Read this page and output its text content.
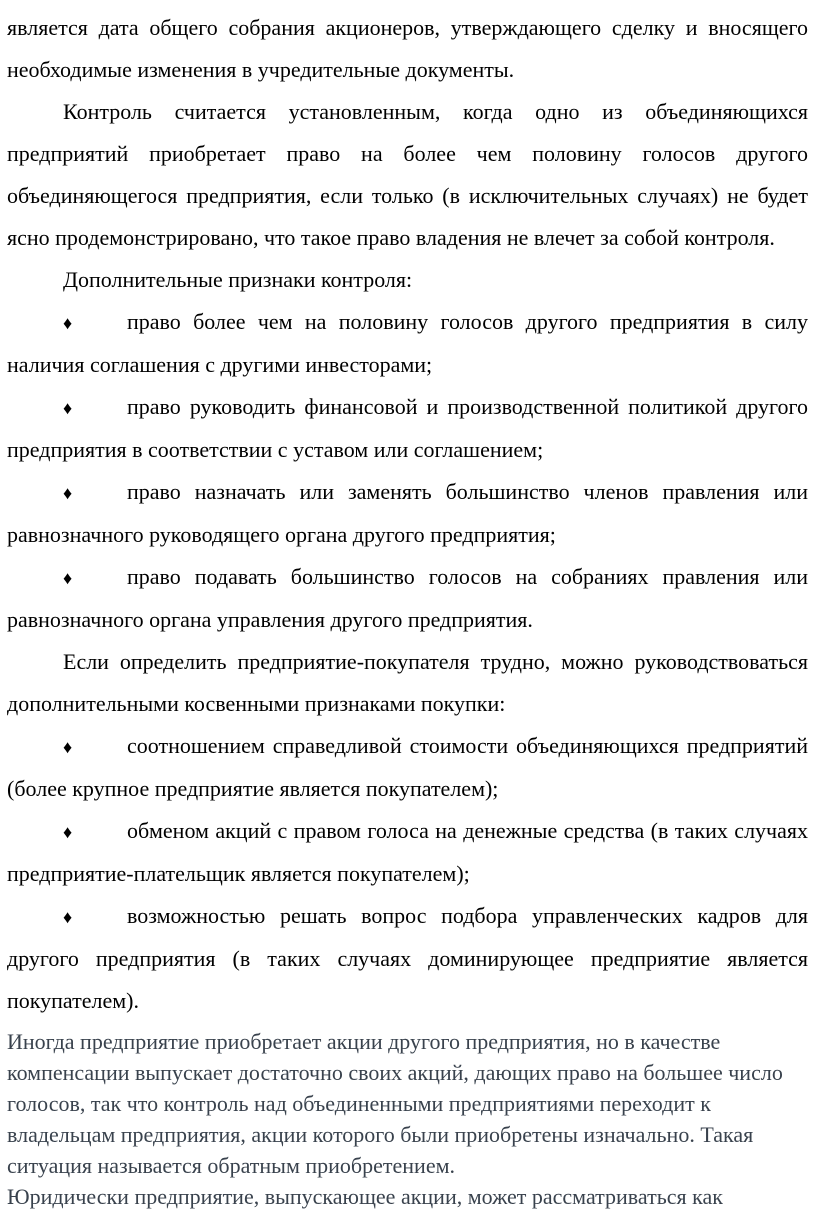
является дата общего собрания акционеров, утверждающего сделку и вносящего необходимые изменения в учредительные документы.

Контроль считается установленным, когда одно из объединяющихся предприятий приобретает право на более чем половину голосов другого объединяющегося предприятия, если только (в исключительных случаях) не будет ясно продемонстрировано, что такое право владения не влечет за собой контроля.

Дополнительные признаки контроля:

♦ право более чем на половину голосов другого предприятия в силу наличия соглашения с другими инвесторами;

♦ право руководить финансовой и производственной политикой другого предприятия в соответствии с уставом или соглашением;

♦ право назначать или заменять большинство членов правления или равнозначного руководящего органа другого предприятия;

♦ право подавать большинство голосов на собраниях правления или равнозначного органа управления другого предприятия.

Если определить предприятие-покупателя трудно, можно руководствоваться дополнительными косвенными признаками покупки:

♦ соотношением справедливой стоимости объединяющихся предприятий (более крупное предприятие является покупателем);

♦ обменом акций с правом голоса на денежные средства (в таких случаях предприятие-плательщик является покупателем);

♦ возможностью решать вопрос подбора управленческих кадров для другого предприятия (в таких случаях доминирующее предприятие является покупателем).

Иногда предприятие приобретает акции другого предприятия, но в качестве компенсации выпускает достаточно своих акций, дающих право на большее число голосов, так что контроль над объединенными предприятиями переходит к владельцам предприятия, акции которого были приобретены изначально. Такая ситуация называется обратным приобретением.

Юридически предприятие, выпускающее акции, может рассматриваться как
